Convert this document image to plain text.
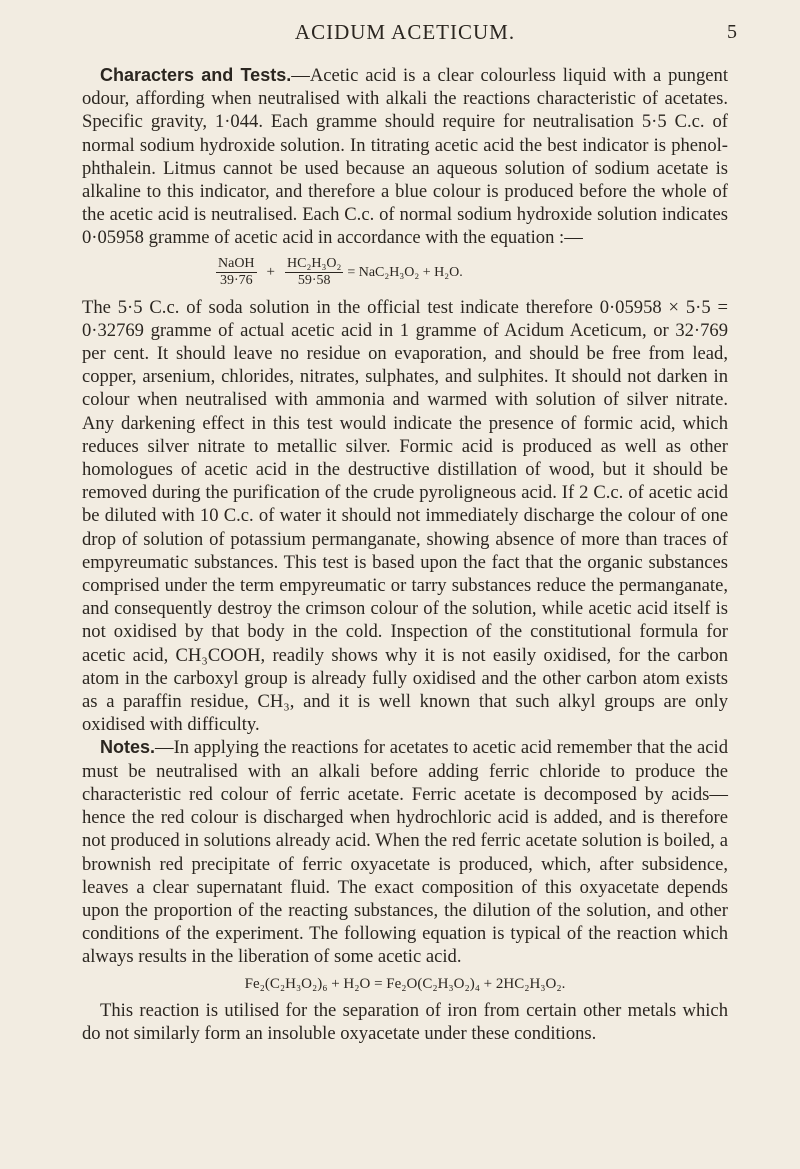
ACIDUM ACETICUM.	5

Characters and Tests.—Acetic acid is a clear colourless liquid with a pungent odour, affording when neutralised with alkali the reactions characteristic of acetates. Specific gravity, 1·044. Each gramme should require for neutralisation 5·5 C.c. of normal sodium hydroxide solution. In titrating acetic acid the best indicator is phenol-phthalein. Litmus cannot be used because an aqueous solution of sodium acetate is alkaline to this indicator, and therefore a blue colour is produced before the whole of the acetic acid is neutralised. Each C.c. of normal sodium hydroxide solution indicates 0·05958 gramme of acetic acid in accordance with the equation :—

$\frac{\text{NaOH}}{39\cdot 76} + \frac{\text{HC₂H₃O₂}}{59\cdot 58} = NaC_2H_3O_2 + H_2O$.

The 5·5 C.c. of soda solution in the official test indicate therefore 0·05958 × 5·5 = 0·32769 gramme of actual acetic acid in 1 gramme of Acidum Aceticum, or 32·769 per cent. It should leave no residue on evaporation, and should be free from lead, copper, arsenium, chlorides, nitrates, sulphates, and sulphites. It should not darken in colour when neutralised with ammonia and warmed with solution of silver nitrate. Any darkening effect in this test would indicate the presence of formic acid, which reduces silver nitrate to metallic silver. Formic acid is produced as well as other homologues of acetic acid in the destructive distillation of wood, but it should be removed during the purification of the crude pyroligneous acid. If 2 C.c. of acetic acid be diluted with 10 C.c. of water it should not immediately discharge the colour of one drop of solution of potassium permanganate, showing absence of more than traces of empyreumatic substances. This test is based upon the fact that the organic substances comprised under the term empyreumatic or tarry substances reduce the permanganate, and consequently destroy the crimson colour of the solution, while acetic acid itself is not oxidised by that body in the cold. Inspection of the constitutional formula for acetic acid, CH₃COOH, readily shows why it is not easily oxidised, for the carbon atom in the carboxyl group is already fully oxidised and the other carbon atom exists as a paraffin residue, CH₃, and it is well known that such alkyl groups are only oxidised with difficulty.

Notes.—In applying the reactions for acetates to acetic acid remember that the acid must be neutralised with an alkali before adding ferric chloride to produce the characteristic red colour of ferric acetate. Ferric acetate is decomposed by acids—hence the red colour is discharged when hydrochloric acid is added, and is therefore not produced in solutions already acid. When the red ferric acetate solution is boiled, a brownish red precipitate of ferric oxyacetate is produced, which, after subsidence, leaves a clear supernatant fluid. The exact composition of this oxyacetate depends upon the proportion of the reacting substances, the dilution of the solution, and other conditions of the experiment. The following equation is typical of the reaction which always results in the liberation of some acetic acid.

Fe₂(C₂H₃O₂)₆ + H₂O = Fe₂O(C₂H₃O₂)₄ + 2HC₂H₃O₂.

This reaction is utilised for the separation of iron from certain other metals which do not similarly form an insoluble oxyacetate under these conditions.
